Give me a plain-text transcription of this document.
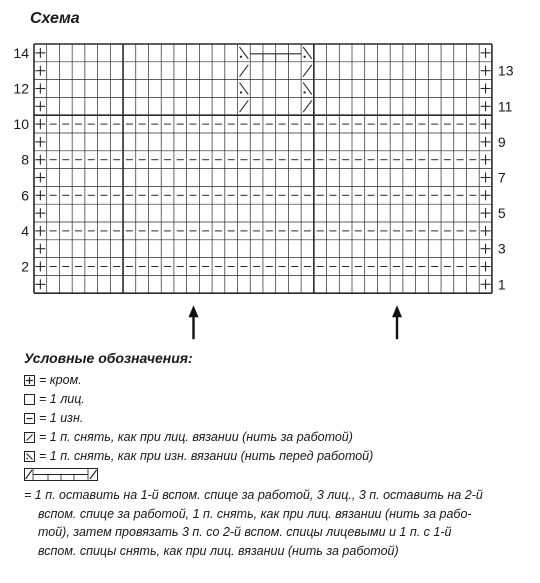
Схема
14
12
10
8
6
4
2
13
11
9
7
5
3
1
Условные обозначения:
= кром.
= 1 лиц.
= 1 изн.
= 1 п. снять, как при лиц. вязании (нить за работой)
= 1 п. снять, как при изн. вязании (нить перед работой)
= 1 п. оставить на 1-й вспом. спице за работой, 3 лиц., 3 п. оставить на 2-й
вспом. спице за работой, 1 п. снять, как при лиц. вязании (нить за рабо-
той), затем провязать 3 п. со 2-й вспом. спицы лицевыми и 1 п. с 1-й
вспом. спицы снять, как при лиц. вязании (нить за работой)
